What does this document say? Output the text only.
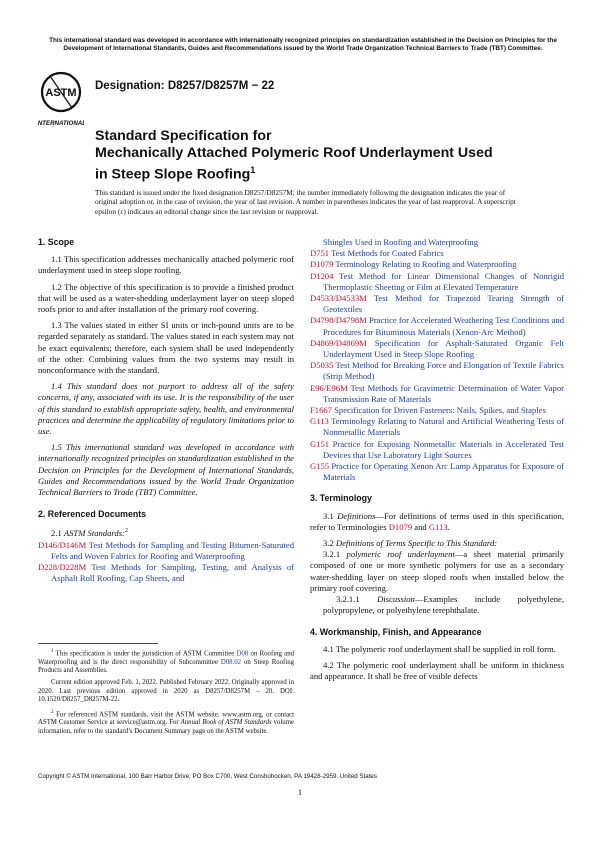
This international standard was developed in accordance with internationally recognized principles on standardization established in the Decision on Principles for the Development of International Standards, Guides and Recommendations issued by the World Trade Organization Technical Barriers to Trade (TBT) Committee.
ASTM
INTERNATIONAL
Designation: D8257/D8257M − 22
Standard Specification for
Mechanically Attached Polymeric Roof Underlayment Used
in Steep Slope Roofing$^1$
This standard is issued under the fixed designation D8257/D8257M; the number immediately following the designation indicates the year of original adoption or, in the case of revision, the year of last revision. A number in parentheses indicates the year of last reapproval. A superscript epsilon (ε) indicates an editorial change since the last revision or reapproval.
1. Scope

1.1 This specification addresses mechanically attached polymeric roof underlayment used in steep slope roofing.

1.2 The objective of this specification is to provide a finished product that will be used as a water-shedding underlayment layer on steep sloped roofs prior to and after installation of the primary roof covering.

1.3 The values stated in either SI units or inch-pound units are to be regarded separately as standard. The values stated in each system may not be exact equivalents; therefore, each system shall be used independently of the other. Combining values from the two systems may result in nonconformance with the standard.

1.4 This standard does not purport to address all of the safety concerns, if any, associated with its use. It is the responsibility of the user of this standard to establish appropriate safety, health, and environmental practices and determine the applicability of regulatory limitations prior to use.

1.5 This international standard was developed in accordance with internationally recognized principles on standardization established in the Decision on Principles for the Development of International Standards, Guides and Recommendations issued by the World Trade Organization Technical Barriers to Trade (TBT) Committee.

2. Referenced Documents

2.1 ASTM Standards:$^2$

D146/D146M Test Methods for Sampling and Testing Bitumen-Saturated Felts and Woven Fabrics for Roofing and Waterproofing

D228/D228M Test Methods for Sampling, Testing, and Analysis of Asphalt Roll Roofing, Cap Sheets, and

$^1$ This specification is under the jurisdiction of ASTM Committee D08 on Roofing and Waterproofing and is the direct responsibility of Subcommittee D08.02 on Steep Roofing Products and Assemblies.

Current edition approved Feb. 1, 2022. Published February 2022. Originally approved in 2020. Last previous edition approved in 2020 as D8257/D8257M – 20. DOI: 10.1520/D8257_D8257M-22.

$^2$ For referenced ASTM standards, visit the ASTM website, www.astm.org, or contact ASTM Customer Service at service@astm.org. For Annual Book of ASTM Standards volume information, refer to the standard’s Document Summary page on the ASTM website.

Shingles Used in Roofing and Waterproofing

D751 Test Methods for Coated Fabrics

D1079 Terminology Relating to Roofing and Waterproofing

D1204 Test Method for Linear Dimensional Changes of Nonrigid Thermoplastic Sheeting or Film at Elevated Temperature

D4533/D4533M Test Method for Trapezoid Tearing Strength of Geotextiles

D4798/D4798M Practice for Accelerated Weathering Test Conditions and Procedures for Bituminous Materials (Xenon-Arc Method)

D4869/D4869M Specification for Asphalt-Saturated Organic Felt Underlayment Used in Steep Slope Roofing

D5035 Test Method for Breaking Force and Elongation of Textile Fabrics (Strip Method)

E96/E96M Test Methods for Gravimetric Determination of Water Vapor Transmission Rate of Materials

F1667 Specification for Driven Fasteners: Nails, Spikes, and Staples

G113 Terminology Relating to Natural and Artificial Weathering Tests of Nonmetallic Materials

G151 Practice for Exposing Nonmetallic Materials in Accelerated Test Devices that Use Laboratory Light Sources

G155 Practice for Operating Xenon Arc Lamp Apparatus for Exposure of Materials

3. Terminology

3.1 Definitions—For definitions of terms used in this specification, refer to Terminologies D1079 and G113.

3.2 Definitions of Terms Specific to This Standard:

3.2.1 polymeric roof underlayment—a sheet material primarily composed of one or more synthetic polymers for use as a secondary water-shedding layer on steep sloped roofs when installed below the primary roof covering.

3.2.1.1 Discussion—Examples include polyethylene, polypropylene, or polyethylene terephthalate.

4. Workmanship, Finish, and Appearance

4.1 The polymeric roof underlayment shall be supplied in roll form.

4.2 The polymeric roof underlayment shall be uniform in thickness and appearance. It shall be free of visible defects

Copyright © ASTM International, 100 Barr Harbor Drive, PO Box C700, West Conshohocken, PA 19428-2959. United States
1
